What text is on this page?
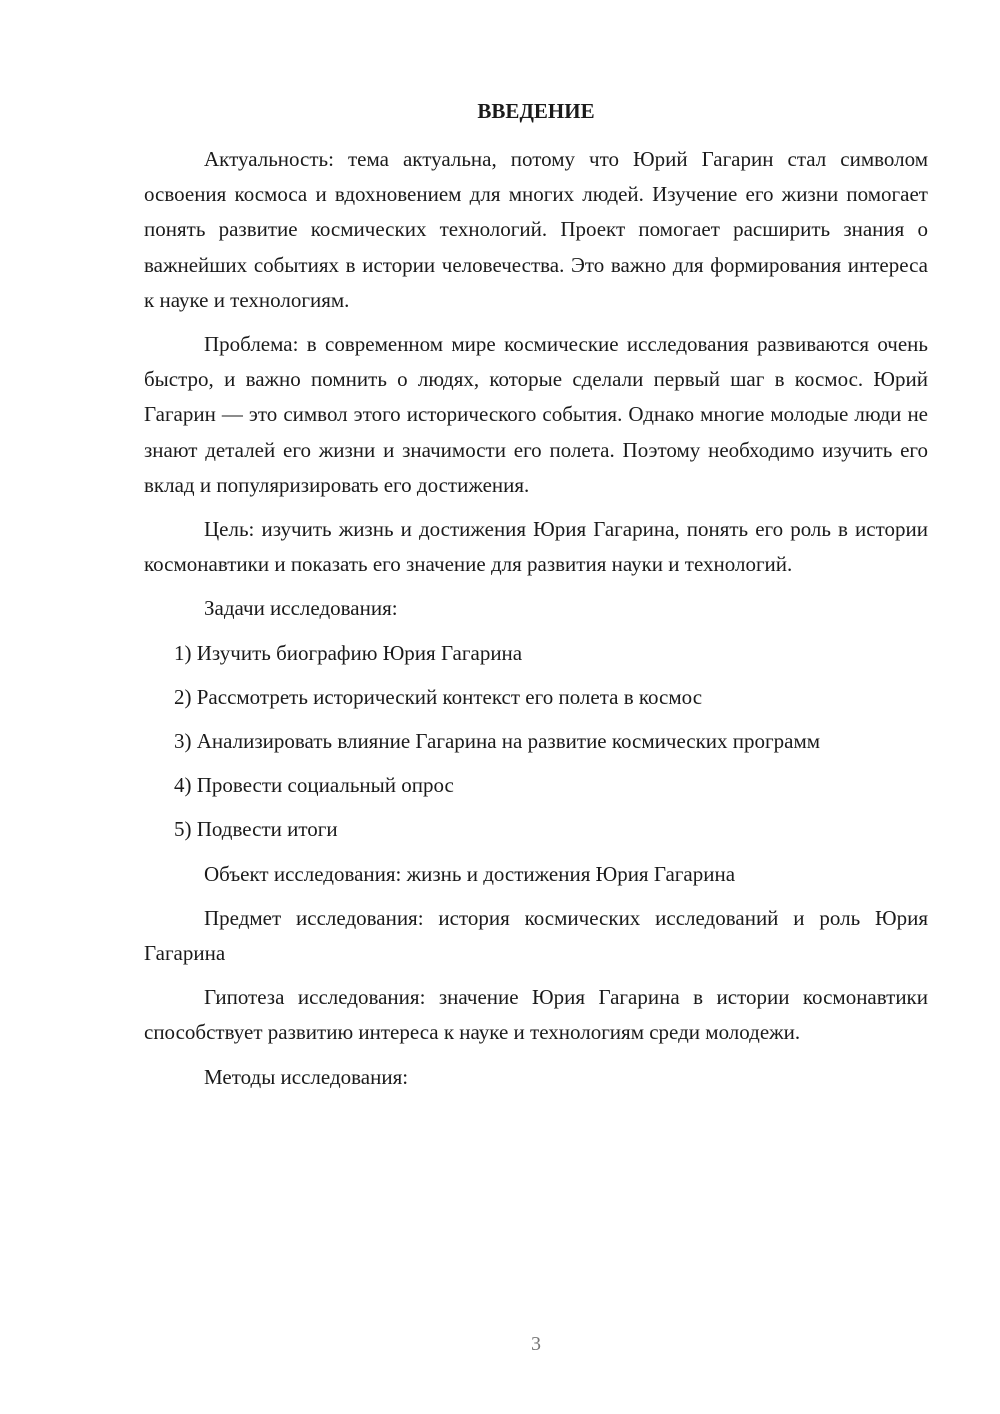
ВВЕДЕНИЕ

Актуальность: тема актуальна, потому что Юрий Гагарин стал символом освоения космоса и вдохновением для многих людей. Изучение его жизни помогает понять развитие космических технологий. Проект помогает расширить знания о важнейших событиях в истории человечества. Это важно для формирования интереса к науке и технологиям.

Проблема: в современном мире космические исследования развиваются очень быстро, и важно помнить о людях, которые сделали первый шаг в космос. Юрий Гагарин — это символ этого исторического события. Однако многие молодые люди не знают деталей его жизни и значимости его полета. Поэтому необходимо изучить его вклад и популяризировать его достижения.

Цель: изучить жизнь и достижения Юрия Гагарина, понять его роль в истории космонавтики и показать его значение для развития науки и технологий.

Задачи исследования:

1) Изучить биографию Юрия Гагарина

2) Рассмотреть исторический контекст его полета в космос

3) Анализировать влияние Гагарина на развитие космических программ

4) Провести социальный опрос

5) Подвести итоги

Объект исследования: жизнь и достижения Юрия Гагарина

Предмет исследования: история космических исследований и роль Юрия Гагарина

Гипотеза исследования: значение Юрия Гагарина в истории космонавтики способствует развитию интереса к науке и технологиям среди молодежи.

Методы исследования:

3
